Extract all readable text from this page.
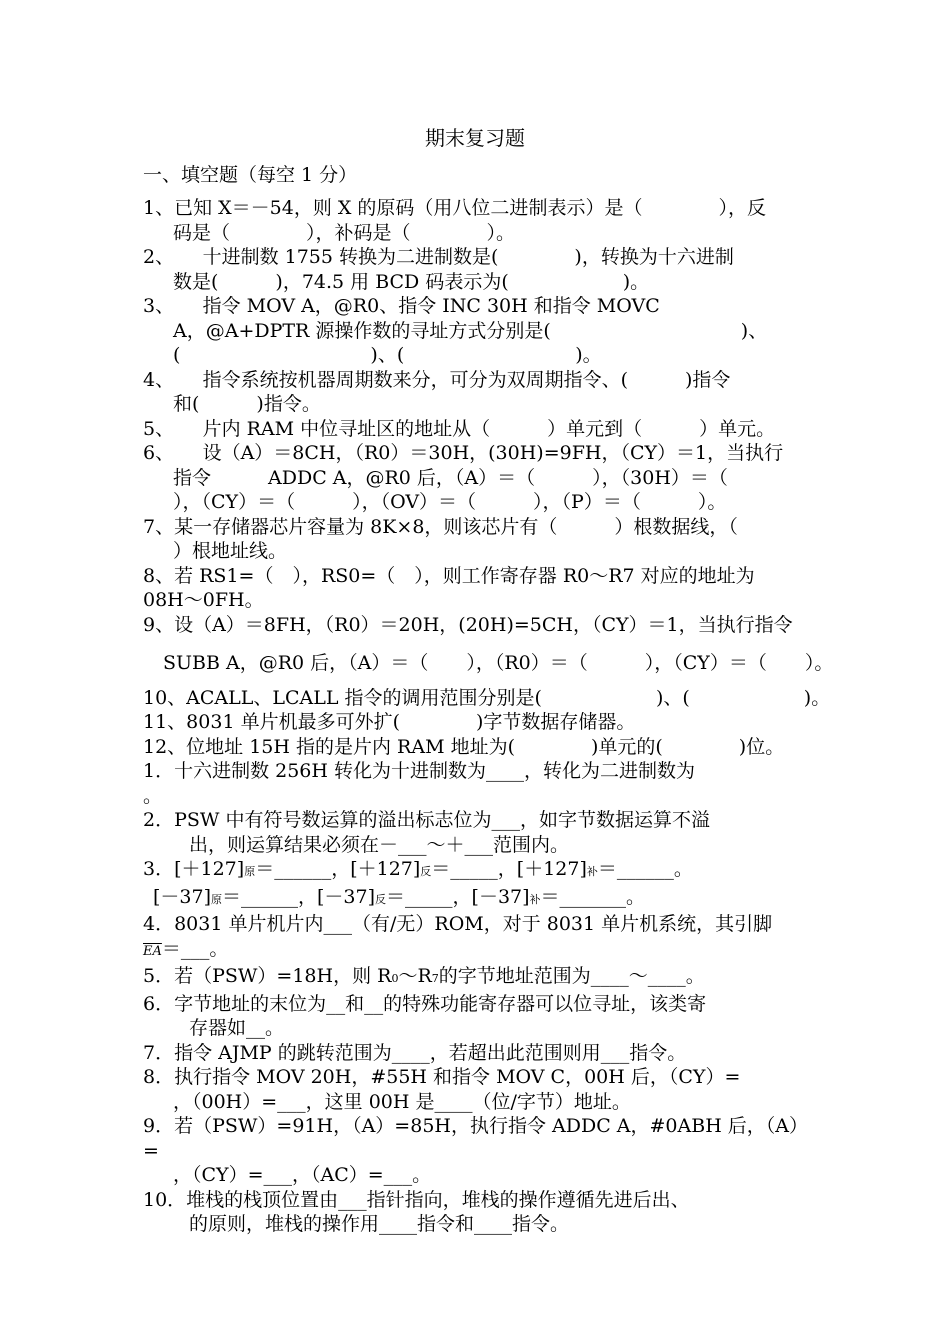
期末复习题
一、填空题（每空 1 分）
1、已知 X＝－54，则 X 的原码（用八位二进制表示）是（　　　　），反
码是（　　　　），补码是（　　　　）。
2、　　十进制数 1755 转换为二进制数是(　　　　)，转换为十六进制
数是(　　　)，74.5 用 BCD 码表示为(　　　　　　)。
3、　　指令 MOV A，@R0、指令 INC 30H 和指令 MOVC
A，@A+DPTR 源操作数的寻址方式分别是(　　　　　　　　　　)、
(　　　　　　　　　　)、(　　　　　　　　　)。
4、　　指令系统按机器周期数来分，可分为双周期指令、(　　　)指令
和(　　　)指令。
5、　　片内 RAM 中位寻址区的地址从（　　　）单元到（　　　）单元。
6、　　设（A）＝8CH，（R0）＝30H，(30H)=9FH，（CY）＝1，当执行
指令　　　ADDC A，@R0 后，（A）＝（　　　），（30H）＝（
），（CY）＝（　　　），（OV）＝（　　　），（P）＝（　　　）。
7、某一存储器芯片容量为 8K×8，则该芯片有（　　　）根数据线，（
）根地址线。
8、若 RS1=（　），RS0=（　），则工作寄存器 R0～R7 对应的地址为
08H～0FH。
9、设（A）＝8FH，（R0）＝20H，(20H)=5CH，（CY）＝1，当执行指令
SUBB A，@R0 后，（A）＝（　　），（R0）＝（　　　），（CY）＝（　　）。
10、ACALL、LCALL 指令的调用范围分别是(　　　　　　)、(　　　　　　)。
11、8031 单片机最多可外扩(　　　　)字节数据存储器。
12、位地址 15H 指的是片内 RAM 地址为(　　　　)单元的(　　　　)位。
1．十六进制数 256H 转化为十进制数为____，转化为二进制数为
。
2．PSW 中有符号数运算的溢出标志位为___，如字节数据运算不溢
出，则运算结果必须在－___～＋___范围内。
3．[＋127]原＝______，[＋127]反＝_____，[＋127]补＝______。
[－37]原＝______，[－37]反＝_____，[－37]补＝_______。
4．8031 单片机片内___（有/无）ROM，对于 8031 单片机系统，其引脚
$\overline{EA}=\_\_\_$。
5．若（PSW）=18H，则 R0～R7的字节地址范围为____～____。
6．字节地址的末位为__和__的特殊功能寄存器可以位寻址，该类寄
存器如__。
7．指令 AJMP 的跳转范围为____，若超出此范围则用___指令。
8．执行指令 MOV 20H，#55H 和指令 MOV C，00H 后，（CY）=
，（00H）=___，这里 00H 是____（位/字节）地址。
9．若（PSW）=91H，（A）=85H，执行指令 ADDC A，#0ABH 后，（A）=
，（CY）=___，（AC）=___。
10．堆栈的栈顶位置由___指针指向，堆栈的操作遵循先进后出、
的原则，堆栈的操作用____指令和____指令。
